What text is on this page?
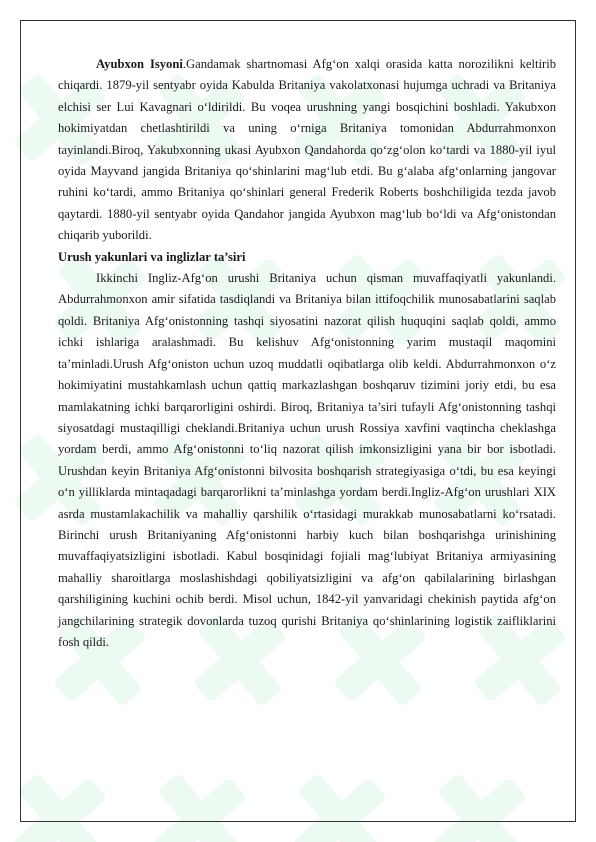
Ayubxon Isyoni.Gandamak shartnomasi Afg‘on xalqi orasida katta norozilikni keltirib chiqardi. 1879-yil sentyabr oyida Kabulda Britaniya vakolatxonasi hujumga uchradi va Britaniya elchisi ser Lui Kavagnari o‘ldirildi. Bu voqea urushning yangi bosqichini boshladi. Yakubxon hokimiyatdan chetlashtirildi va uning o‘rniga Britaniya tomonidan Abdurrahmonxon tayinlandi.Biroq, Yakubxonning ukasi Ayubxon Qandahorda qo‘zg‘olon ko‘tardi va 1880-yil iyul oyida Mayvand jangida Britaniya qo‘shinlarini mag‘lub etdi. Bu g‘alaba afg‘onlarning jangovar ruhini ko‘tardi, ammo Britaniya qo‘shinlari general Frederik Roberts boshchiligida tezda javob qaytardi. 1880-yil sentyabr oyida Qandahor jangida Ayubxon mag‘lub bo‘ldi va Afg‘onistondan chiqarib yuborildi.

Urush yakunlari va inglizlar ta’siri

Ikkinchi Ingliz-Afg‘on urushi Britaniya uchun qisman muvaffaqiyatli yakunlandi. Abdurrahmonxon amir sifatida tasdiqlandi va Britaniya bilan ittifoqchilik munosabatlarini saqlab qoldi. Britaniya Afg‘onistonning tashqi siyosatini nazorat qilish huquqini saqlab qoldi, ammo ichki ishlariga aralashmadi. Bu kelishuv Afg‘onistonning yarim mustaqil maqomini ta’minladi.Urush Afg‘oniston uchun uzoq muddatli oqibatlarga olib keldi. Abdurrahmonxon o‘z hokimiyatini mustahkamlash uchun qattiq markazlashgan boshqaruv tizimini joriy etdi, bu esa mamlakatning ichki barqarorligini oshirdi. Biroq, Britaniya ta’siri tufayli Afg‘onistonning tashqi siyosatdagi mustaqilligi cheklandi.Britaniya uchun urush Rossiya xavfini vaqtincha cheklashga yordam berdi, ammo Afg‘onistonni to‘liq nazorat qilish imkonsizligini yana bir bor isbotladi. Urushdan keyin Britaniya Afg‘onistonni bilvosita boshqarish strategiyasiga o‘tdi, bu esa keyingi o‘n yilliklarda mintaqadagi barqarorlikni ta’minlashga yordam berdi.Ingliz-Afg‘on urushlari XIX asrda mustamlakachilik va mahalliy qarshilik o‘rtasidagi murakkab munosabatlarni ko‘rsatadi. Birinchi urush Britaniyaning Afg‘onistonni harbiy kuch bilan boshqarishga urinishining muvaffaqiyatsizligini isbotladi. Kabul bosqinidagi fojiali mag‘lubiyat Britaniya armiyasining mahalliy sharoitlarga moslashishdagi qobiliyatsizligini va afg‘on qabilalarining birlashgan qarshiligining kuchini ochib berdi. Misol uchun, 1842-yil yanvaridagi chekinish paytida afg‘on jangchilarining strategik dovonlarda tuzoq qurishi Britaniya qo‘shinlarining logistik zaifliklarini fosh qildi.
